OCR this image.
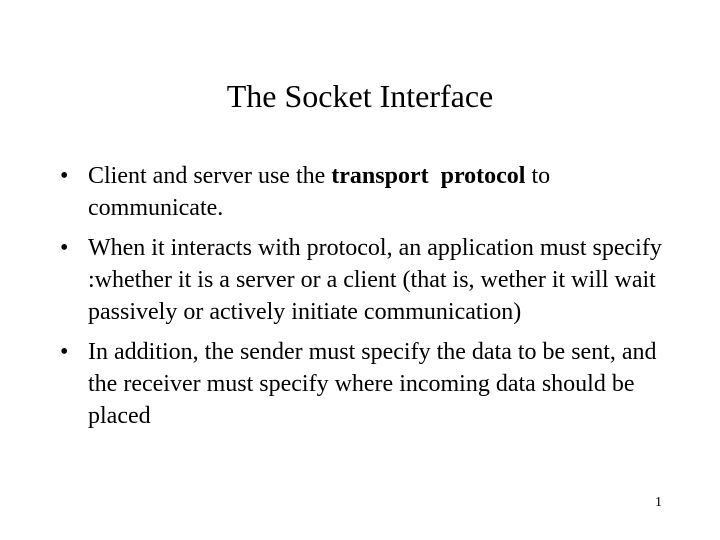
The Socket Interface
• Client and server use the transport  protocol to communicate.
• When it interacts with protocol, an application must specify :whether it is a server or a client (that is, wether it will wait passively or actively initiate communication)
• In addition, the sender must specify the data to be sent, and the receiver must specify where incoming data should be placed
1
